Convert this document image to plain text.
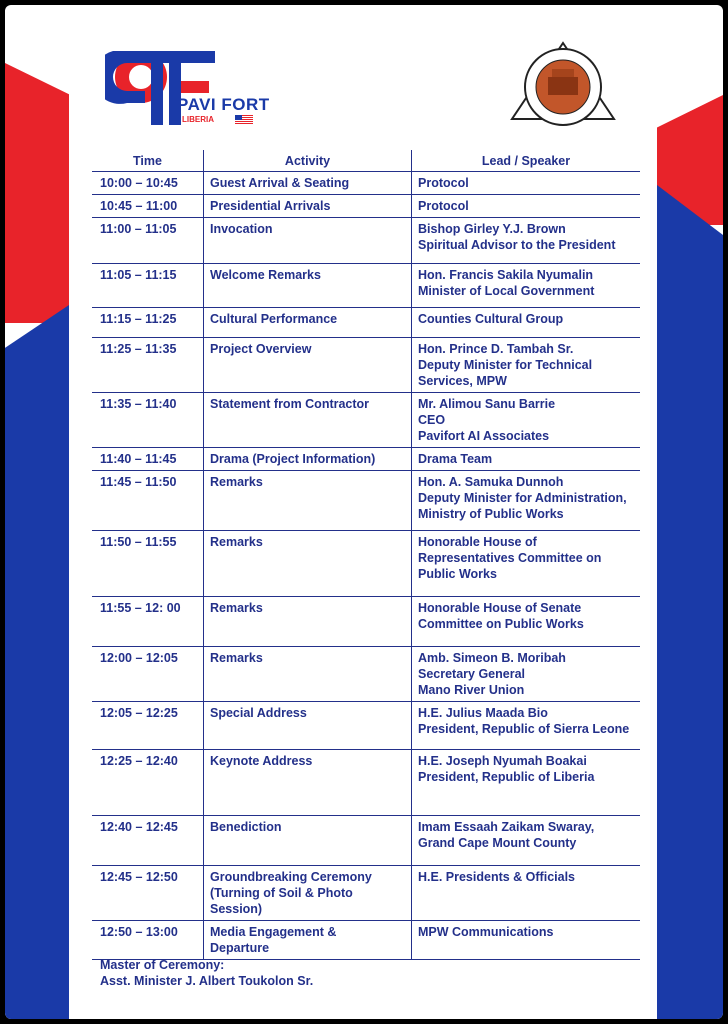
PAVI FORT
LIBERIA
Time	Activity	Lead / Speaker
10:00 – 10:45	Guest Arrival & Seating	Protocol

10:45 – 11:00	Presidential Arrivals	Protocol

11:00 – 11:05	Invocation	Bishop Girley Y.J. Brown
Spiritual Advisor to the President

11:05 – 11:15	Welcome Remarks	Hon. Francis Sakila Nyumalin
Minister of Local Government

11:15 – 11:25	Cultural Performance	Counties Cultural Group

11:25 – 11:35	Project Overview	Hon. Prince D. Tambah Sr.
Deputy Minister for Technical
Services, MPW

11:35 – 11:40	Statement from Contractor	Mr. Alimou Sanu Barrie
CEO
Pavifort AI Associates

11:40 – 11:45	Drama (Project Information)	Drama Team

11:45 – 11:50	Remarks	Hon. A. Samuka Dunnoh
Deputy Minister for Administration,
Ministry of Public Works

11:50 – 11:55	Remarks	Honorable House of
Representatives Committee on
Public Works

11:55 – 12: 00	Remarks	Honorable House of Senate
Committee on Public Works

12:00 – 12:05	Remarks	Amb. Simeon B. Moribah
Secretary General
Mano River Union

12:05 – 12:25	Special Address	H.E. Julius Maada Bio
President, Republic of Sierra Leone

12:25 – 12:40	Keynote Address	H.E. Joseph Nyumah Boakai
President, Republic of Liberia

12:40 – 12:45	Benediction	Imam Essaah Zaikam Swaray,
Grand Cape Mount County

12:45 – 12:50	Groundbreaking Ceremony
(Turning of Soil & Photo
Session)	H.E. Presidents & Officials

12:50 – 13:00	Media Engagement &
Departure	MPW Communications
Master of Ceremony:
Asst. Minister J. Albert Toukolon Sr.
